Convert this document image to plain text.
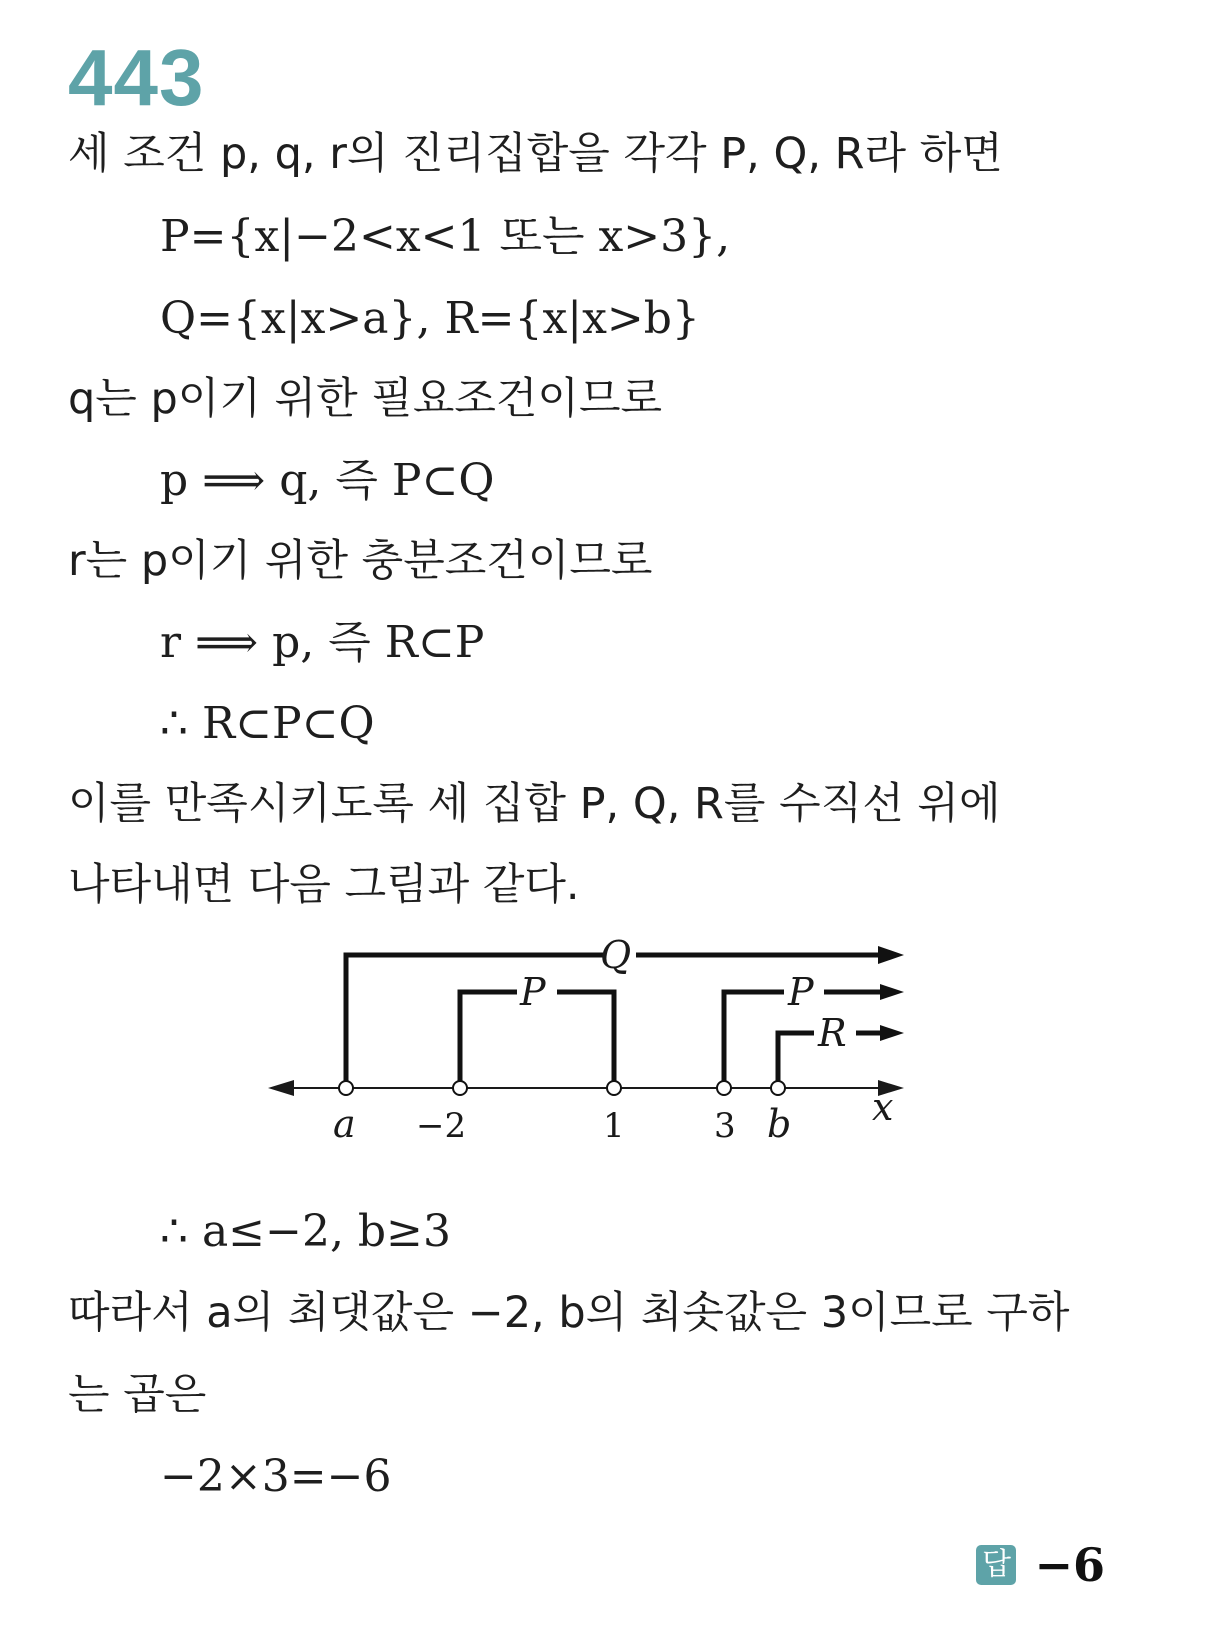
443
세 조건 p, q, r의 진리집합을 각각 P, Q, R라 하면
P={x|−2<x<1 또는 x>3},
Q={x|x>a}, R={x|x>b}
q는 p이기 위한 필요조건이므로
p ⟹ q, 즉 P⊂Q
r는 p이기 위한 충분조건이므로
r ⟹ p, 즉 R⊂P
∴ R⊂P⊂Q
이를 만족시키도록 세 집합 P, Q, R를 수직선 위에
나타내면 다음 그림과 같다.
Q
P	P
R
a −2	1	3 b x
∴ a≤−2, b≥3
따라서 a의 최댓값은 −2, b의 최솟값은 3이므로 구하
는 곱은
−2×3=−6
답 −6
